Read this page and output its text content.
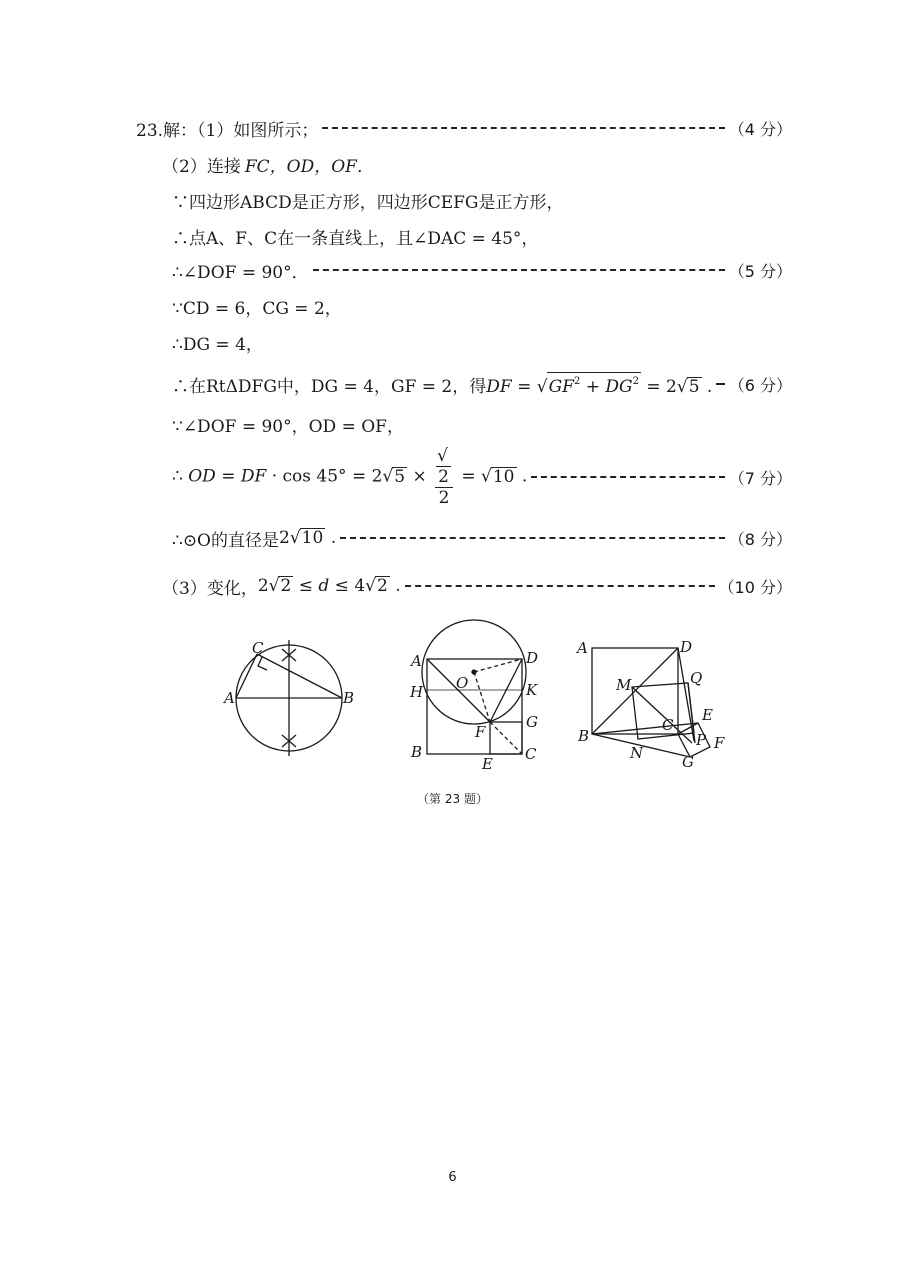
23.解：（1）如图所示；	（4 分）
（2）连接 FC，OD，OF．
∵四边形ABCD是正方形，四边形CEFG是正方形，
∴点A、F、C在一条直线上，且∠DAC = 45°，
∴∠DOF = 90°．	（5 分）
∵CD = 6，CG = 2，
∴DG = 4，
∴在RtΔDFG中，DG = 4，GF = 2，得 DF = $√GF^2 + DG^2 = 2√5$ . （6 分）
∵∠DOF = 90°，OD = OF，
∴ OD = DF · cos 45° = 2√5 × √
2
2 = √10 .	（7 分）
∴⊙O的直径是 2√10 .	（8 分）
（3）变化， 2√2 ≤ d ≤ 4√2 .	（10 分）
C
A	B
A	D
O
H	K
G
F
B
E
C
A	D
M	Q
C
E
B	P F
N	G
（第 23 题）
6
